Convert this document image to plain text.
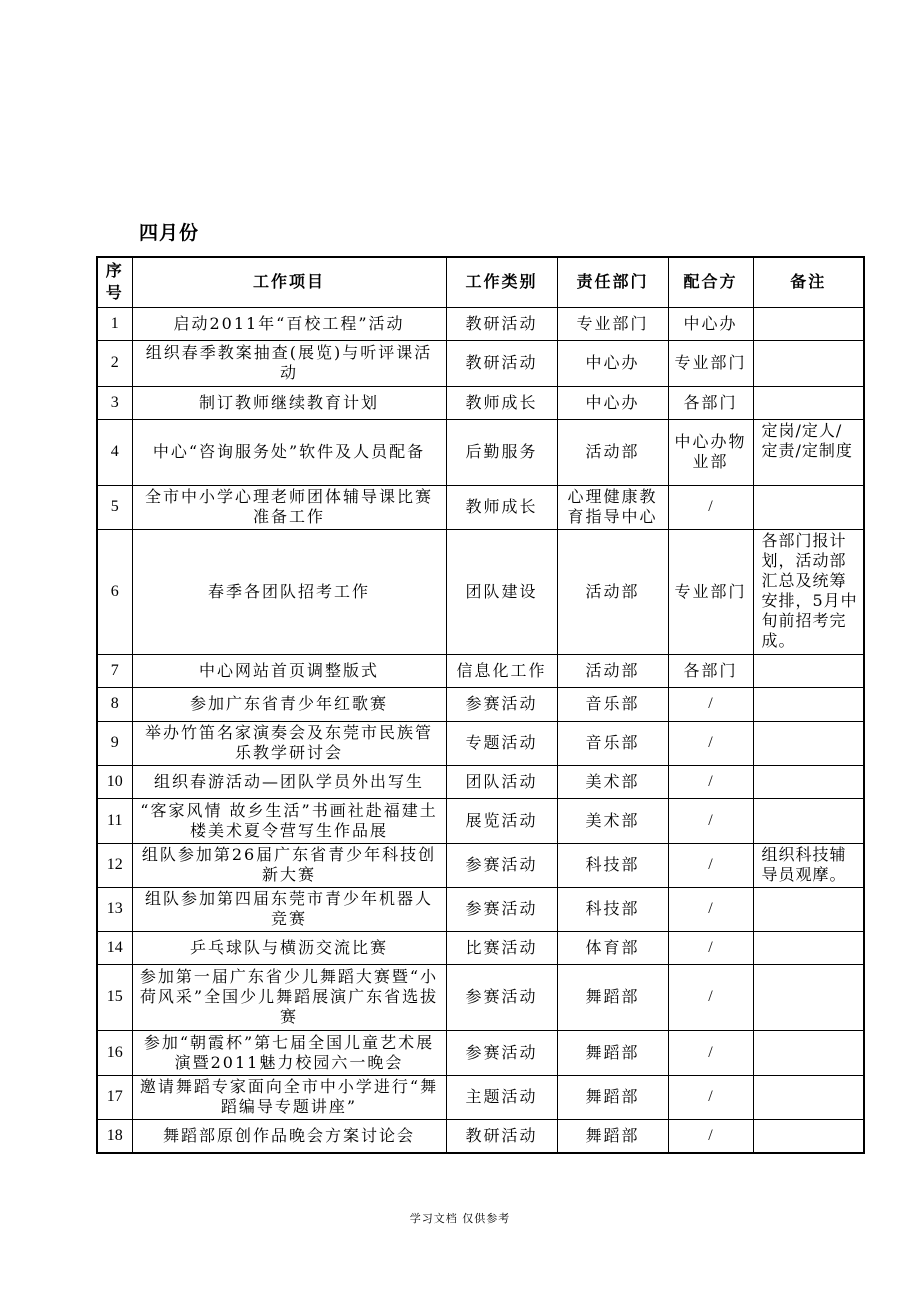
四月份
序号	工作项目	工作类别	责任部门	配合方	备注
1	启动2011年“百校工程”活动	教研活动	专业部门	中心办	
2	组织春季教案抽查(展览)与听评课活动	教研活动	中心办	专业部门	
3	制订教师继续教育计划	教师成长	中心办	各部门	
4	中心“咨询服务处”软件及人员配备	后勤服务	活动部	中心办物业部	定岗/定人/定责/定制度
5	全市中小学心理老师团体辅导课比赛准备工作	教师成长	心理健康教育指导中心	/	
6	春季各团队招考工作	团队建设	活动部	专业部门	各部门报计划，活动部汇总及统筹安排，5月中旬前招考完成。
7	中心网站首页调整版式	信息化工作	活动部	各部门	
8	参加广东省青少年红歌赛	参赛活动	音乐部	/	
9	举办竹笛名家演奏会及东莞市民族管乐教学研讨会	专题活动	音乐部	/	
10	组织春游活动—团队学员外出写生	团队活动	美术部	/	
11	“客家风情 故乡生活”书画社赴福建土楼美术夏令营写生作品展	展览活动	美术部	/	
12	组队参加第26届广东省青少年科技创新大赛	参赛活动	科技部	/	组织科技辅导员观摩。
13	组队参加第四届东莞市青少年机器人竞赛	参赛活动	科技部	/	
14	乒乓球队与横沥交流比赛	比赛活动	体育部	/	
15	参加第一届广东省少儿舞蹈大赛暨“小荷风采”全国少儿舞蹈展演广东省选拔赛	参赛活动	舞蹈部	/	
16	参加“朝霞杯”第七届全国儿童艺术展演暨2011魅力校园六一晚会	参赛活动	舞蹈部	/	
17	邀请舞蹈专家面向全市中小学进行“舞蹈编导专题讲座”	主题活动	舞蹈部	/	
18	舞蹈部原创作品晚会方案讨论会	教研活动	舞蹈部	/	
学习文档 仅供参考
